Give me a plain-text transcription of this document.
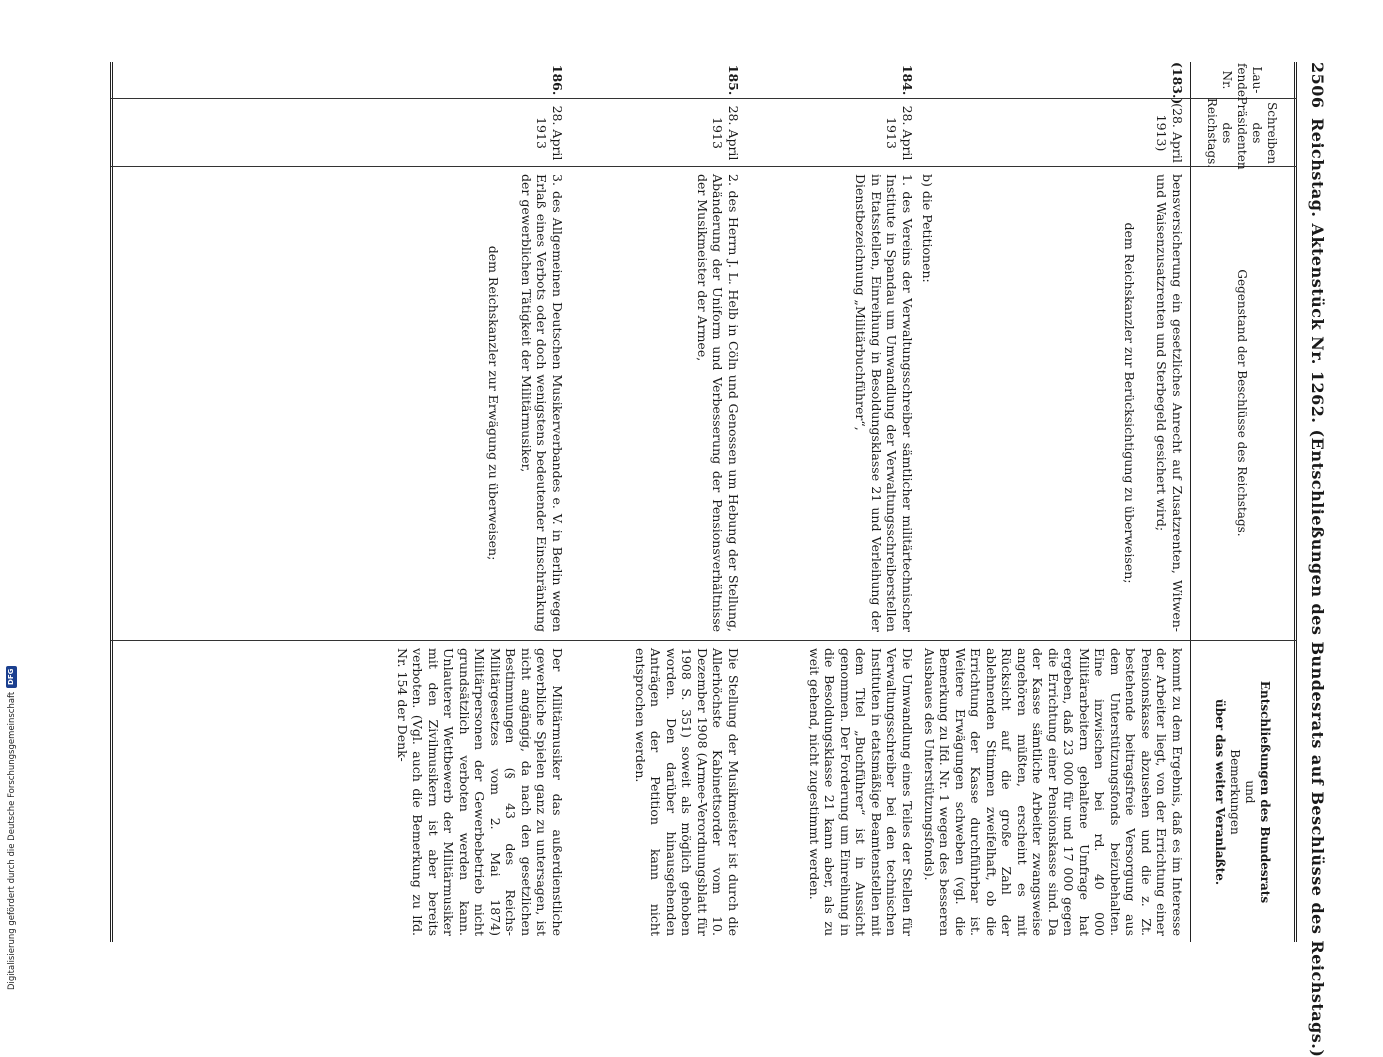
2506
Reichstag. Aktenstück Nr. 1262. (Entschließungen des Bundesrats auf Beschlüsse des Reichstags.)
Lau-
fende
Nr.
Schreiben
des
Präsidenten
des
Reichstags.
Gegenstand der Beschlüsse des Reichstags.
Entschließungen des Bundesrats
und
Bemerkungen
über das weiter Veranlaßte.
(183.)
(28. April
1913)
bensversicherung ein gesetzliches Anrecht auf Zusatzrenten, Witwen- und Waisenzusatzrenten und Sterbegeld gesichert wird;
dem Reichskanzler zur Berücksichtigung zu überweisen;
kommt zu dem Ergebnis, daß es im Interesse der Arbeiter liegt, von der Errichtung einer Pensionskasse abzusehen und die z. Zt. bestehende beitragsfreie Versorgung aus dem Unterstützungsfonds beizubehalten. Eine inzwischen bei rd. 40 000 Militärarbeitern gehaltene Umfrage hat ergeben, daß 23 000 für und 17 000 gegen die Errichtung einer Pensionskasse sind. Da der Kasse sämtliche Arbeiter zwangsweise angehören müßten, erscheint es mit Rücksicht auf die große Zahl der ablehnenden Stimmen zweifelhaft, ob die Errichtung der Kasse durchführbar ist. Weitere Erwägungen schweben (vgl. die Bemerkung zu lfd. Nr. 1 wegen des besseren Ausbaues des Unterstützungsfonds).
184.
28. April
1913
b) die Petitionen:
1. des Vereins der Verwaltungsschreiber sämtlicher militärtechnischer Institute in Spandau um Umwandlung der Verwaltungsschreiberstellen in Etatsstellen, Einreihung in Besoldungsklasse 21 und Verleihung der Dienstbezeichnung „Militärbuchführer“,
Die Umwandlung eines Teiles der Stellen für Verwaltungsschreiber bei den technischen Instituten in etatsmäßige Beamtenstellen mit dem Titel „Buchführer“ ist in Aussicht genommen. Der Forderung um Einreihung in die Besoldungsklasse 21 kann aber, als zu weit gehend, nicht zugestimmt werden.
185.
28. April
1913
2. des Herrn J. L. Helb in Cöln und Genossen um Hebung der Stellung, Abänderung der Uniform und Verbesserung der Pensionsverhältnisse der Musikmeister der Armee,
Die Stellung der Musikmeister ist durch die Allerhöchste Kabinettsorder vom 10. Dezember 1908 (Armee-Verordnungsblatt für 1908 S. 351) soweit als möglich gehoben worden. Den darüber hinausgehenden Anträgen der Petition kann nicht entsprochen werden.
186.
28. April
1913
3. des Allgemeinen Deutschen Musikerverbandes e. V. in Berlin wegen Erlaß eines Verbots oder doch wenigstens bedeutender Einschränkung der gewerblichen Tätigkeit der Militärmusiker,
dem Reichskanzler zur Erwägung zu überweisen;
Der Militärmusiker das außerdienstliche gewerbliche Spielen ganz zu untersagen, ist nicht angängig, da nach den gesetzlichen Bestimmungen (§ 43 des Reichs-Militärgesetzes vom 2. Mai 1874) Militärpersonen der Gewerbebetrieb nicht grundsätzlich verboten werden kann. Unlauterer Wettbewerb der Militärmusiker mit den Zivilmusikern ist aber bereits verboten. (Vgl. auch die Bemerkung zu lfd. Nr. 154 der Denk-
Digitalisierung gefördert durch die Deutsche ForschungsgemeinschaftDFG
